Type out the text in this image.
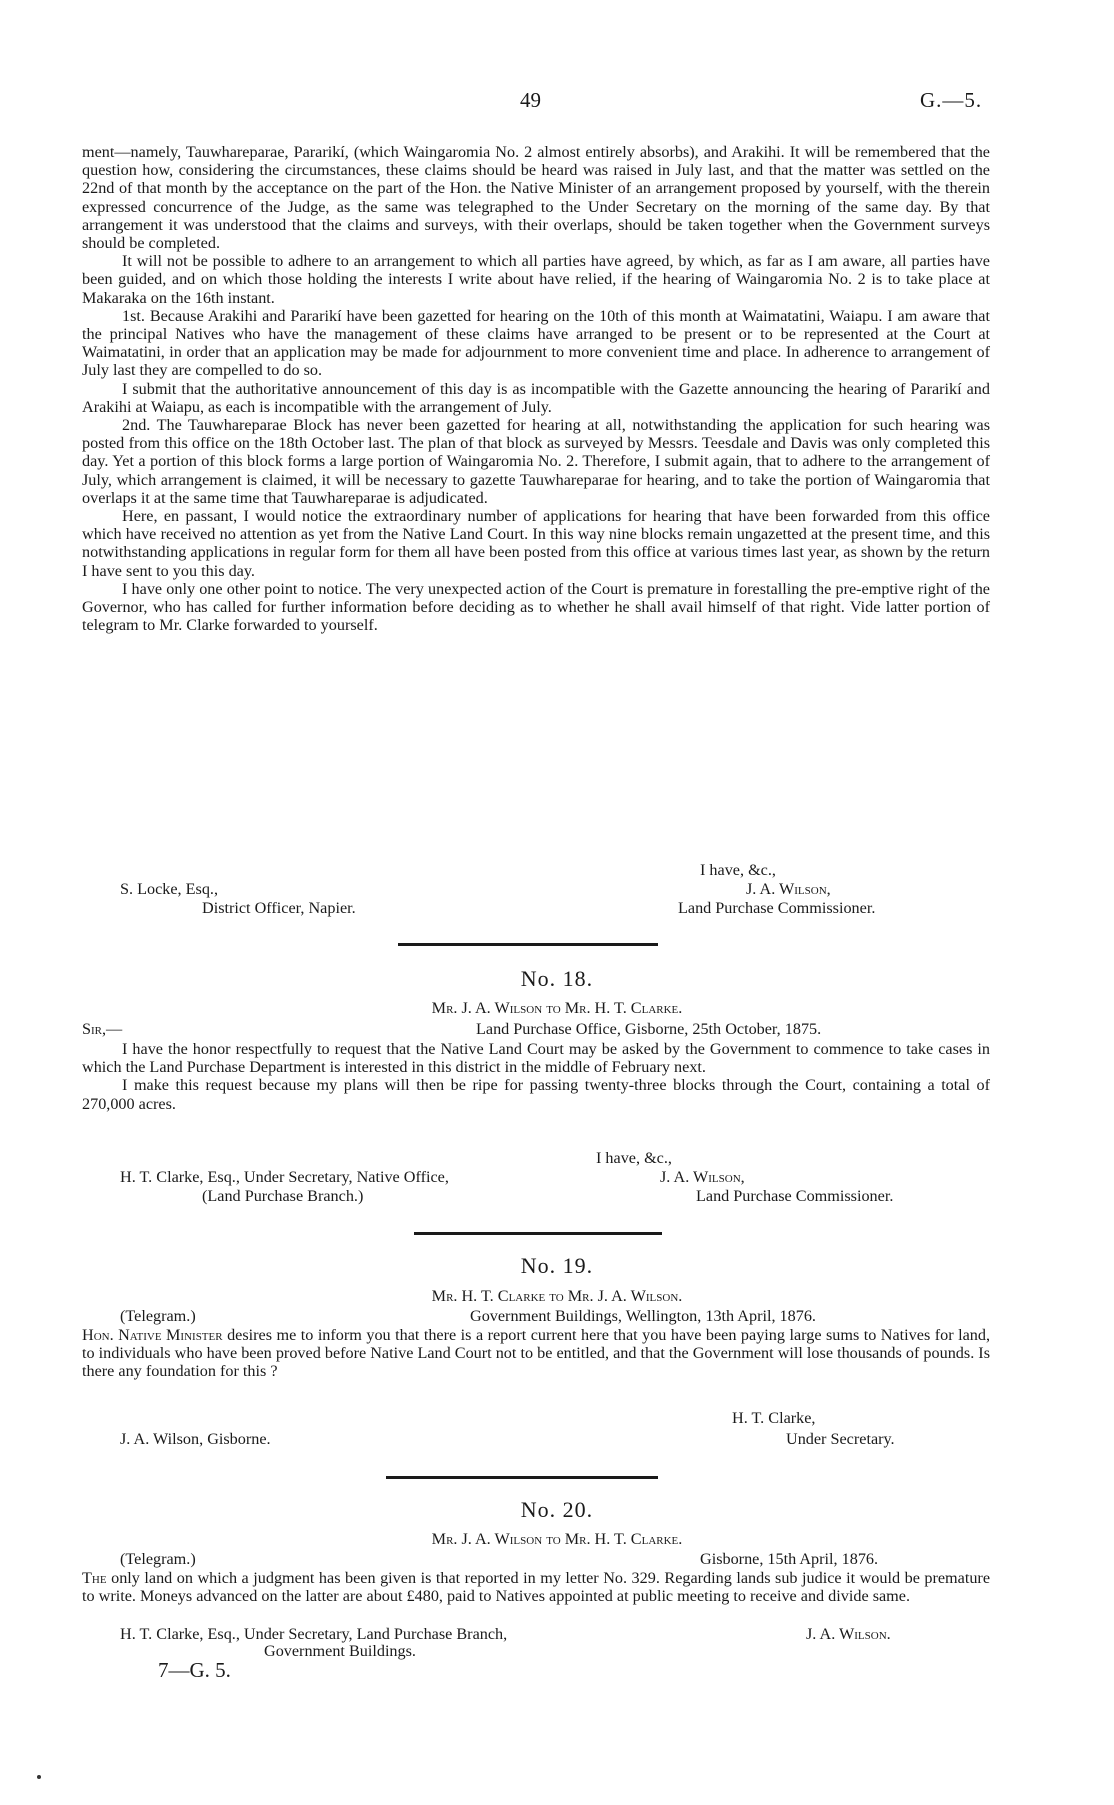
49	G.—5.

ment—namely, Tauwhareparae, Pararikí, (which Waingaromia No. 2 almost entirely absorbs), and Arakihi. It will be remembered that the question how, considering the circumstances, these claims should be heard was raised in July last, and that the matter was settled on the 22nd of that month by the acceptance on the part of the Hon. the Native Minister of an arrangement proposed by yourself, with the therein expressed concurrence of the Judge, as the same was telegraphed to the Under Secretary on the morning of the same day. By that arrangement it was understood that the claims and surveys, with their overlaps, should be taken together when the Government surveys should be completed.

It will not be possible to adhere to an arrangement to which all parties have agreed, by which, as far as I am aware, all parties have been guided, and on which those holding the interests I write about have relied, if the hearing of Waingaromia No. 2 is to take place at Makaraka on the 16th instant.

1st. Because Arakihi and Pararikí have been gazetted for hearing on the 10th of this month at Waimatatini, Waiapu. I am aware that the principal Natives who have the management of these claims have arranged to be present or to be represented at the Court at Waimatatini, in order that an application may be made for adjournment to more convenient time and place. In adherence to arrangement of July last they are compelled to do so.

I submit that the authoritative announcement of this day is as incompatible with the Gazette announcing the hearing of Pararikí and Arakihi at Waiapu, as each is incompatible with the arrangement of July.

2nd. The Tauwhareparae Block has never been gazetted for hearing at all, notwithstanding the application for such hearing was posted from this office on the 18th October last. The plan of that block as surveyed by Messrs. Teesdale and Davis was only completed this day. Yet a portion of this block forms a large portion of Waingaromia No. 2. Therefore, I submit again, that to adhere to the arrangement of July, which arrangement is claimed, it will be necessary to gazette Tauwhareparae for hearing, and to take the portion of Waingaromia that overlaps it at the same time that Tauwhareparae is adjudicated.

Here, en passant, I would notice the extraordinary number of applications for hearing that have been forwarded from this office which have received no attention as yet from the Native Land Court. In this way nine blocks remain ungazetted at the present time, and this notwithstanding applications in regular form for them all have been posted from this office at various times last year, as shown by the return I have sent to you this day.

I have only one other point to notice. The very unexpected action of the Court is premature in forestalling the pre-emptive right of the Governor, who has called for further information before deciding as to whether he shall avail himself of that right. Vide latter portion of telegram to Mr. Clarke forwarded to yourself.

I have, &c.,
S. Locke, Esq.,	J. A. Wilson,
District Officer, Napier.	Land Purchase Commissioner.
No. 18.
Mr. J. A. Wilson to Mr. H. T. Clarke.
Sir,—	Land Purchase Office, Gisborne, 25th October, 1875.

I have the honor respectfully to request that the Native Land Court may be asked by the Government to commence to take cases in which the Land Purchase Department is interested in this district in the middle of February next.

I make this request because my plans will then be ripe for passing twenty-three blocks through the Court, containing a total of 270,000 acres.

I have, &c.,
H. T. Clarke, Esq., Under Secretary, Native Office,	J. A. Wilson,
(Land Purchase Branch.)	Land Purchase Commissioner.
No. 19.
Mr. H. T. Clarke to Mr. J. A. Wilson.
(Telegram.)	Government Buildings, Wellington, 13th April, 1876.

Hon. Native Minister desires me to inform you that there is a report current here that you have been paying large sums to Natives for land, to individuals who have been proved before Native Land Court not to be entitled, and that the Government will lose thousands of pounds. Is there any foundation for this ?

H. T. Clarke,
J. A. Wilson, Gisborne.	Under Secretary.
No. 20.
Mr. J. A. Wilson to Mr. H. T. Clarke.
(Telegram.)	Gisborne, 15th April, 1876.

The only land on which a judgment has been given is that reported in my letter No. 329. Regarding lands sub judice it would be premature to write. Moneys advanced on the latter are about £480, paid to Natives appointed at public meeting to receive and divide same.

H. T. Clarke, Esq., Under Secretary, Land Purchase Branch,	J. A. Wilson.
Government Buildings.
7—G. 5.
